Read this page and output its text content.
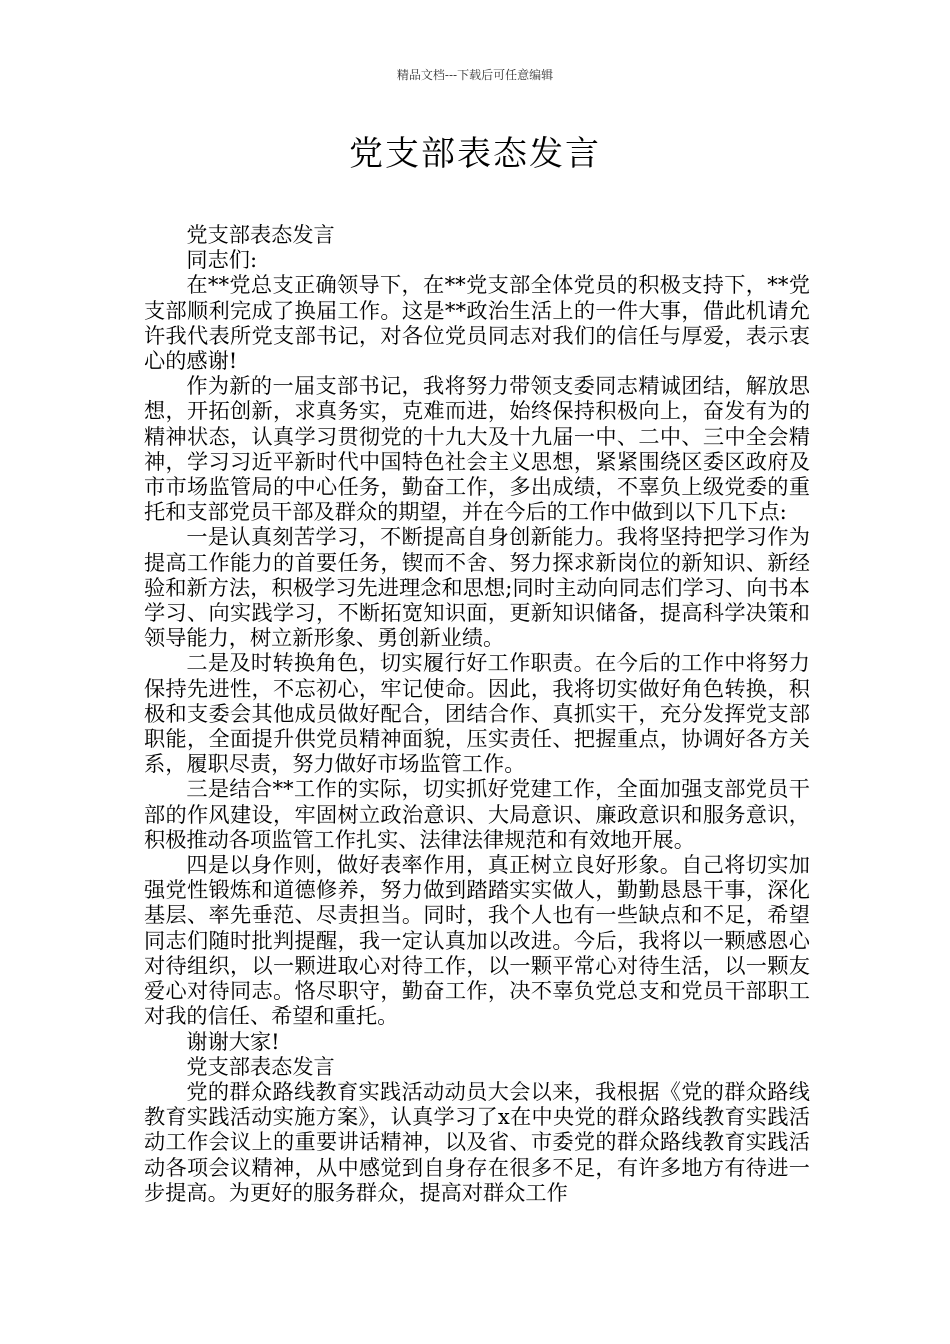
精品文档---下载后可任意编辑
党支部表态发言

党支部表态发言

同志们:

在**党总支正确领导下，在**党支部全体党员的积极支持下，**党支部顺利完成了换届工作。这是**政治生活上的一件大事，借此机请允许我代表所党支部书记，对各位党员同志对我们的信任与厚爱，表示衷心的感谢!

作为新的一届支部书记，我将努力带领支委同志精诚团结，解放思想，开拓创新，求真务实，克难而进，始终保持积极向上，奋发有为的精神状态，认真学习贯彻党的十九大及十九届一中、二中、三中全会精神，学习习近平新时代中国特色社会主义思想，紧紧围绕区委区政府及市市场监管局的中心任务，勤奋工作，多出成绩，不辜负上级党委的重托和支部党员干部及群众的期望，并在今后的工作中做到以下几下点:

一是认真刻苦学习，不断提高自身创新能力。我将坚持把学习作为提高工作能力的首要任务，锲而不舍、努力探求新岗位的新知识、新经验和新方法，积极学习先进理念和思想;同时主动向同志们学习、向书本学习、向实践学习，不断拓宽知识面，更新知识储备，提高科学决策和领导能力，树立新形象、勇创新业绩。

二是及时转换角色，切实履行好工作职责。在今后的工作中将努力保持先进性，不忘初心，牢记使命。因此，我将切实做好角色转换，积极和支委会其他成员做好配合，团结合作、真抓实干，充分发挥党支部职能，全面提升供党员精神面貌，压实责任、把握重点，协调好各方关系，履职尽责，努力做好市场监管工作。

三是结合**工作的实际，切实抓好党建工作，全面加强支部党员干部的作风建设，牢固树立政治意识、大局意识、廉政意识和服务意识，积极推动各项监管工作扎实、法律法律规范和有效地开展。

四是以身作则，做好表率作用，真正树立良好形象。自己将切实加强党性锻炼和道德修养，努力做到踏踏实实做人，勤勤恳恳干事，深化基层、率先垂范、尽责担当。同时，我个人也有一些缺点和不足，希望同志们随时批判提醒，我一定认真加以改进。今后，我将以一颗感恩心对待组织，以一颗进取心对待工作，以一颗平常心对待生活，以一颗友爱心对待同志。恪尽职守，勤奋工作，决不辜负党总支和党员干部职工对我的信任、希望和重托。

谢谢大家!

党支部表态发言

党的群众路线教育实践活动动员大会以来，我根据《党的群众路线教育实践活动实施方案》，认真学习了x在中央党的群众路线教育实践活动工作会议上的重要讲话精神，以及省、市委党的群众路线教育实践活动各项会议精神，从中感觉到自身存在很多不足，有许多地方有待进一步提高。为更好的服务群众，提高对群众工作
